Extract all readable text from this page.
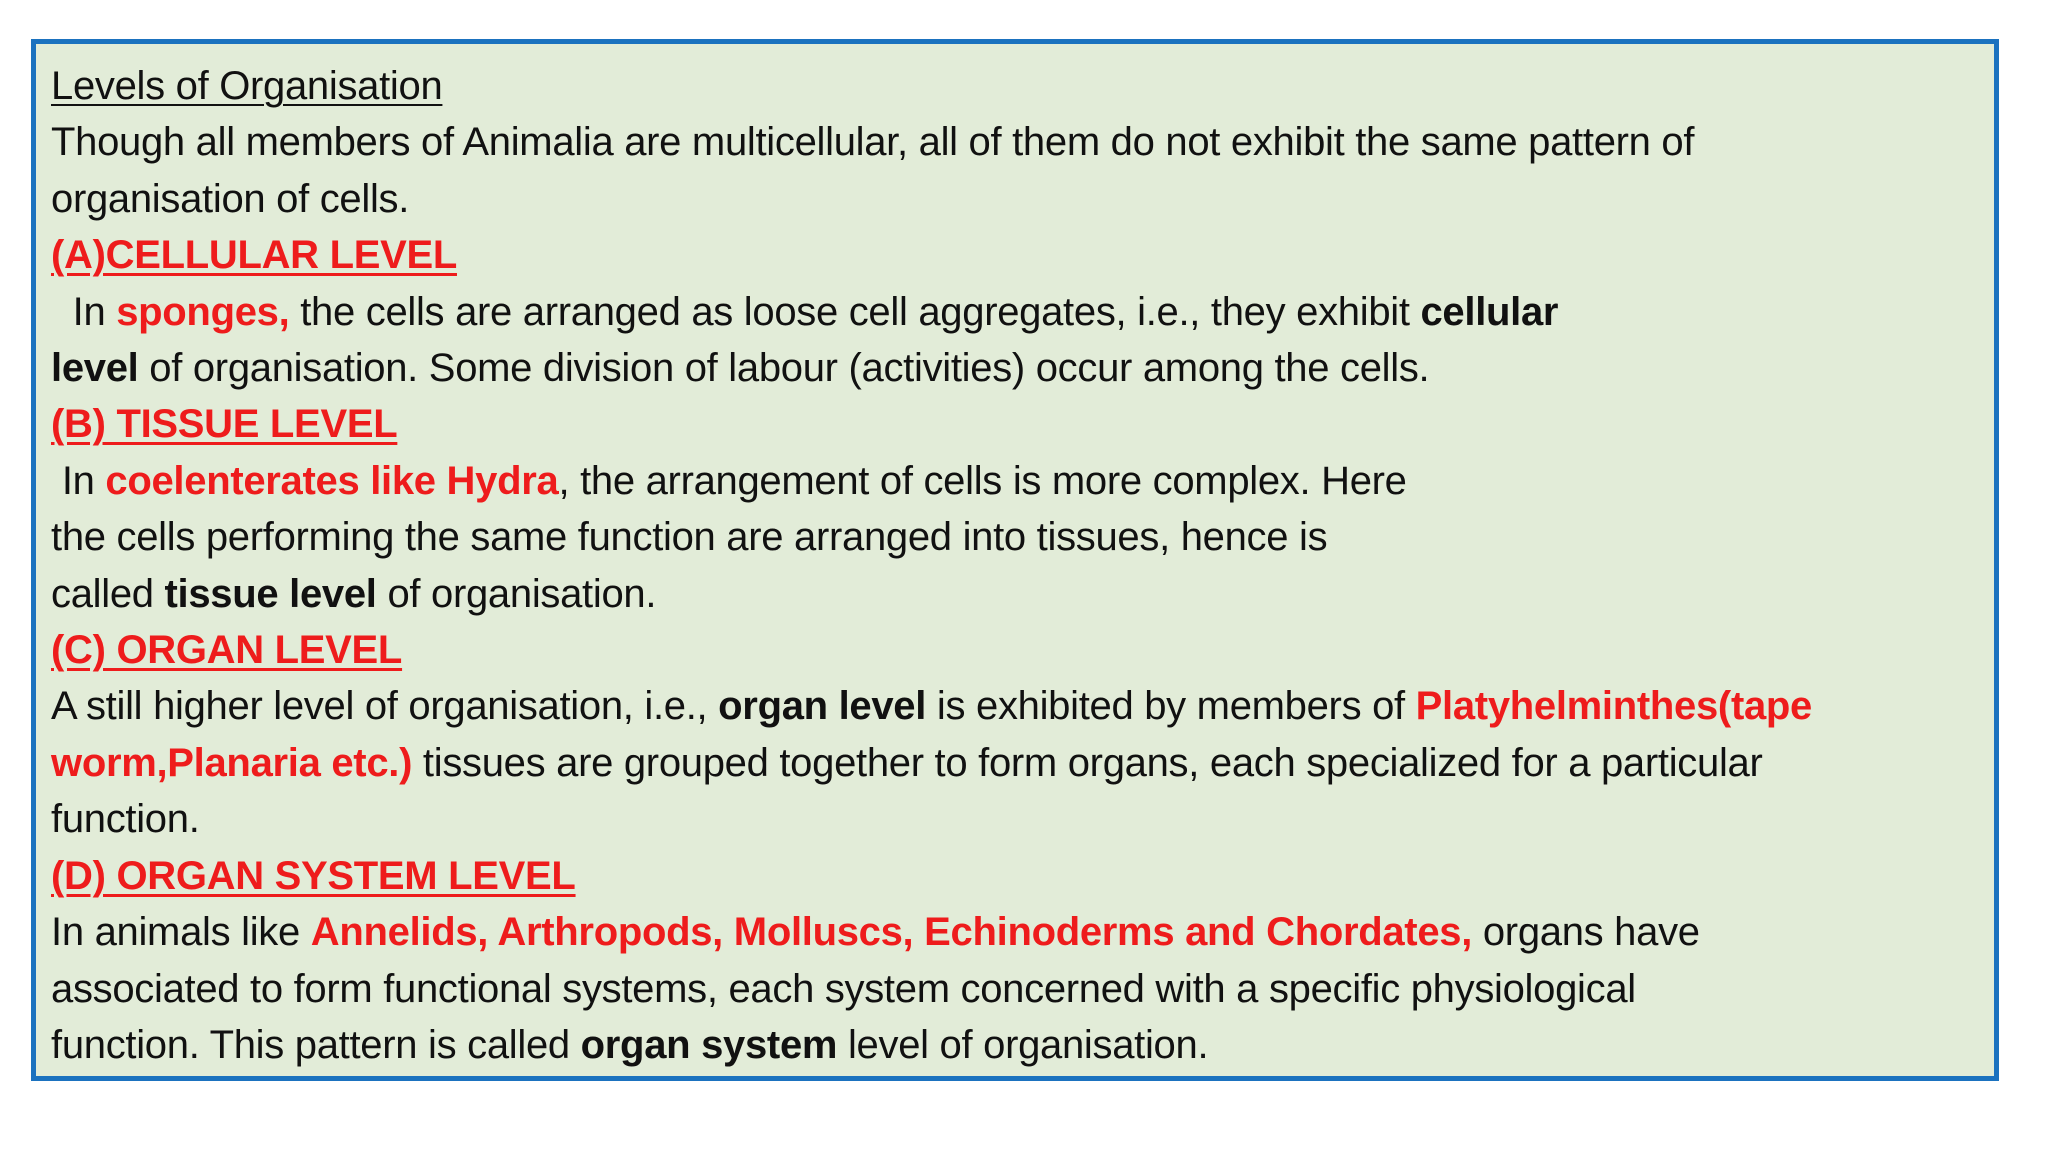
Levels of Organisation

Though all members of Animalia are multicellular, all of them do not exhibit the same pattern of

organisation of cells.

(A)CELLULAR LEVEL

In sponges, the cells are arranged as loose cell aggregates, i.e., they exhibit cellular

level of organisation. Some division of labour (activities) occur among the cells.

(B) TISSUE LEVEL

In coelenterates like Hydra, the arrangement of cells is more complex. Here

the cells performing the same function are arranged into tissues, hence is

called tissue level of organisation.

(C) ORGAN LEVEL

A still higher level of organisation, i.e., organ level is exhibited by members of Platyhelminthes(tape

worm,Planaria etc.) tissues are grouped together to form organs, each specialized for a particular

function.

(D) ORGAN SYSTEM LEVEL

In animals like Annelids, Arthropods, Molluscs, Echinoderms and Chordates, organs have

associated to form functional systems, each system concerned with a specific physiological

function. This pattern is called organ system level of organisation.
